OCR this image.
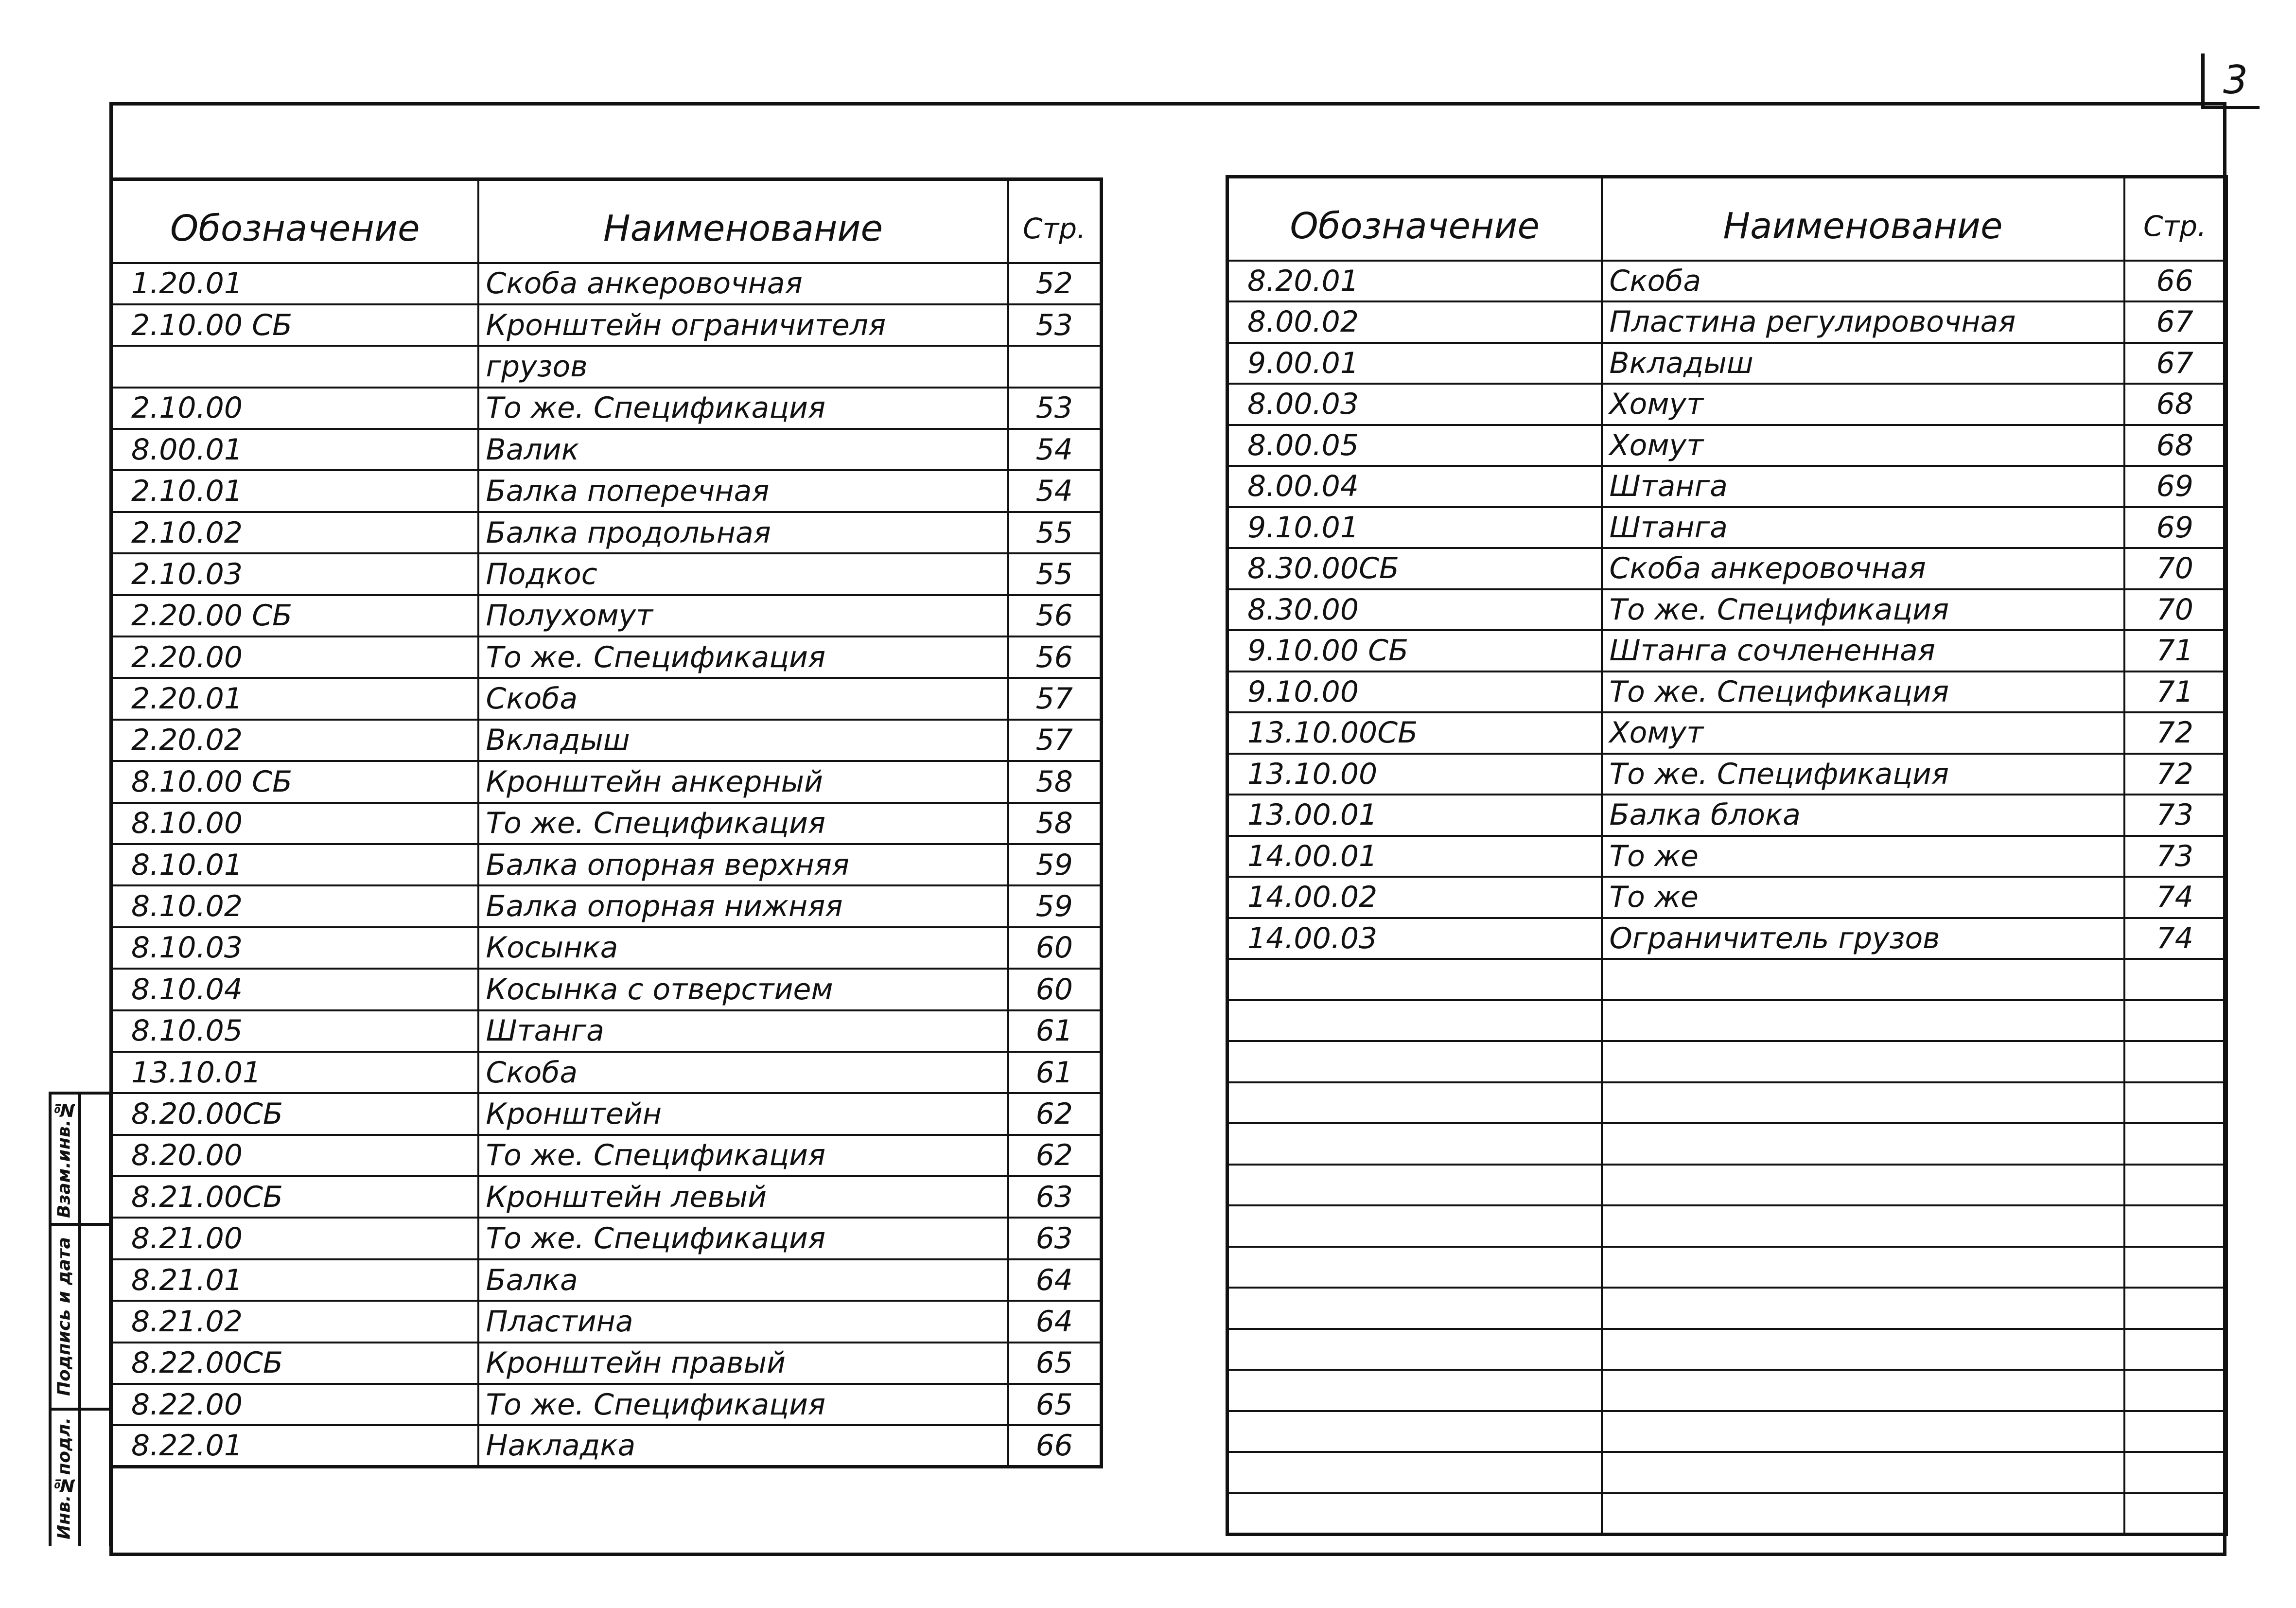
3
Обозначение	Наименование	Стр.
1.20.01	Скоба анкеровочная	52
2.10.00 СБ	Кронштейн ограничителя	53
	грузов	
2.10.00	То же. Спецификация	53
8.00.01	Валик	54
2.10.01	Балка поперечная	54
2.10.02	Балка продольная	55
2.10.03	Подкос	55
2.20.00 СБ	Полухомут	56
2.20.00	То же. Спецификация	56
2.20.01	Скоба	57
2.20.02	Вкладыш	57
8.10.00 СБ	Кронштейн анкерный	58
8.10.00	То же. Спецификация	58
8.10.01	Балка опорная верхняя	59
8.10.02	Балка опорная нижняя	59
8.10.03	Косынка	60
8.10.04	Косынка с отверстием	60
8.10.05	Штанга	61
13.10.01	Скоба	61
8.20.00СБ	Кронштейн	62
8.20.00	То же. Спецификация	62
8.21.00СБ	Кронштейн левый	63
8.21.00	То же. Спецификация	63
8.21.01	Балка	64
8.21.02	Пластина	64
8.22.00СБ	Кронштейн правый	65
8.22.00	То же. Спецификация	65
8.22.01	Накладка	66
Обозначение	Наименование	Стр.
8.20.01	Скоба	66
8.00.02	Пластина регулировочная	67
9.00.01	Вкладыш	67
8.00.03	Хомут	68
8.00.05	Хомут	68
8.00.04	Штанга	69
9.10.01	Штанга	69
8.30.00СБ	Скоба анкеровочная	70
8.30.00	То же. Спецификация	70
9.10.00 СБ	Штанга сочлененная	71
9.10.00	То же. Спецификация	71
13.10.00СБ	Хомут	72
13.10.00	То же. Спецификация	72
13.00.01	Балка блока	73
14.00.01	То же	73
14.00.02	То же	74
14.00.03	Ограничитель грузов	74

Взам.инв.№
Подпись и дата
Инв.№подл.
